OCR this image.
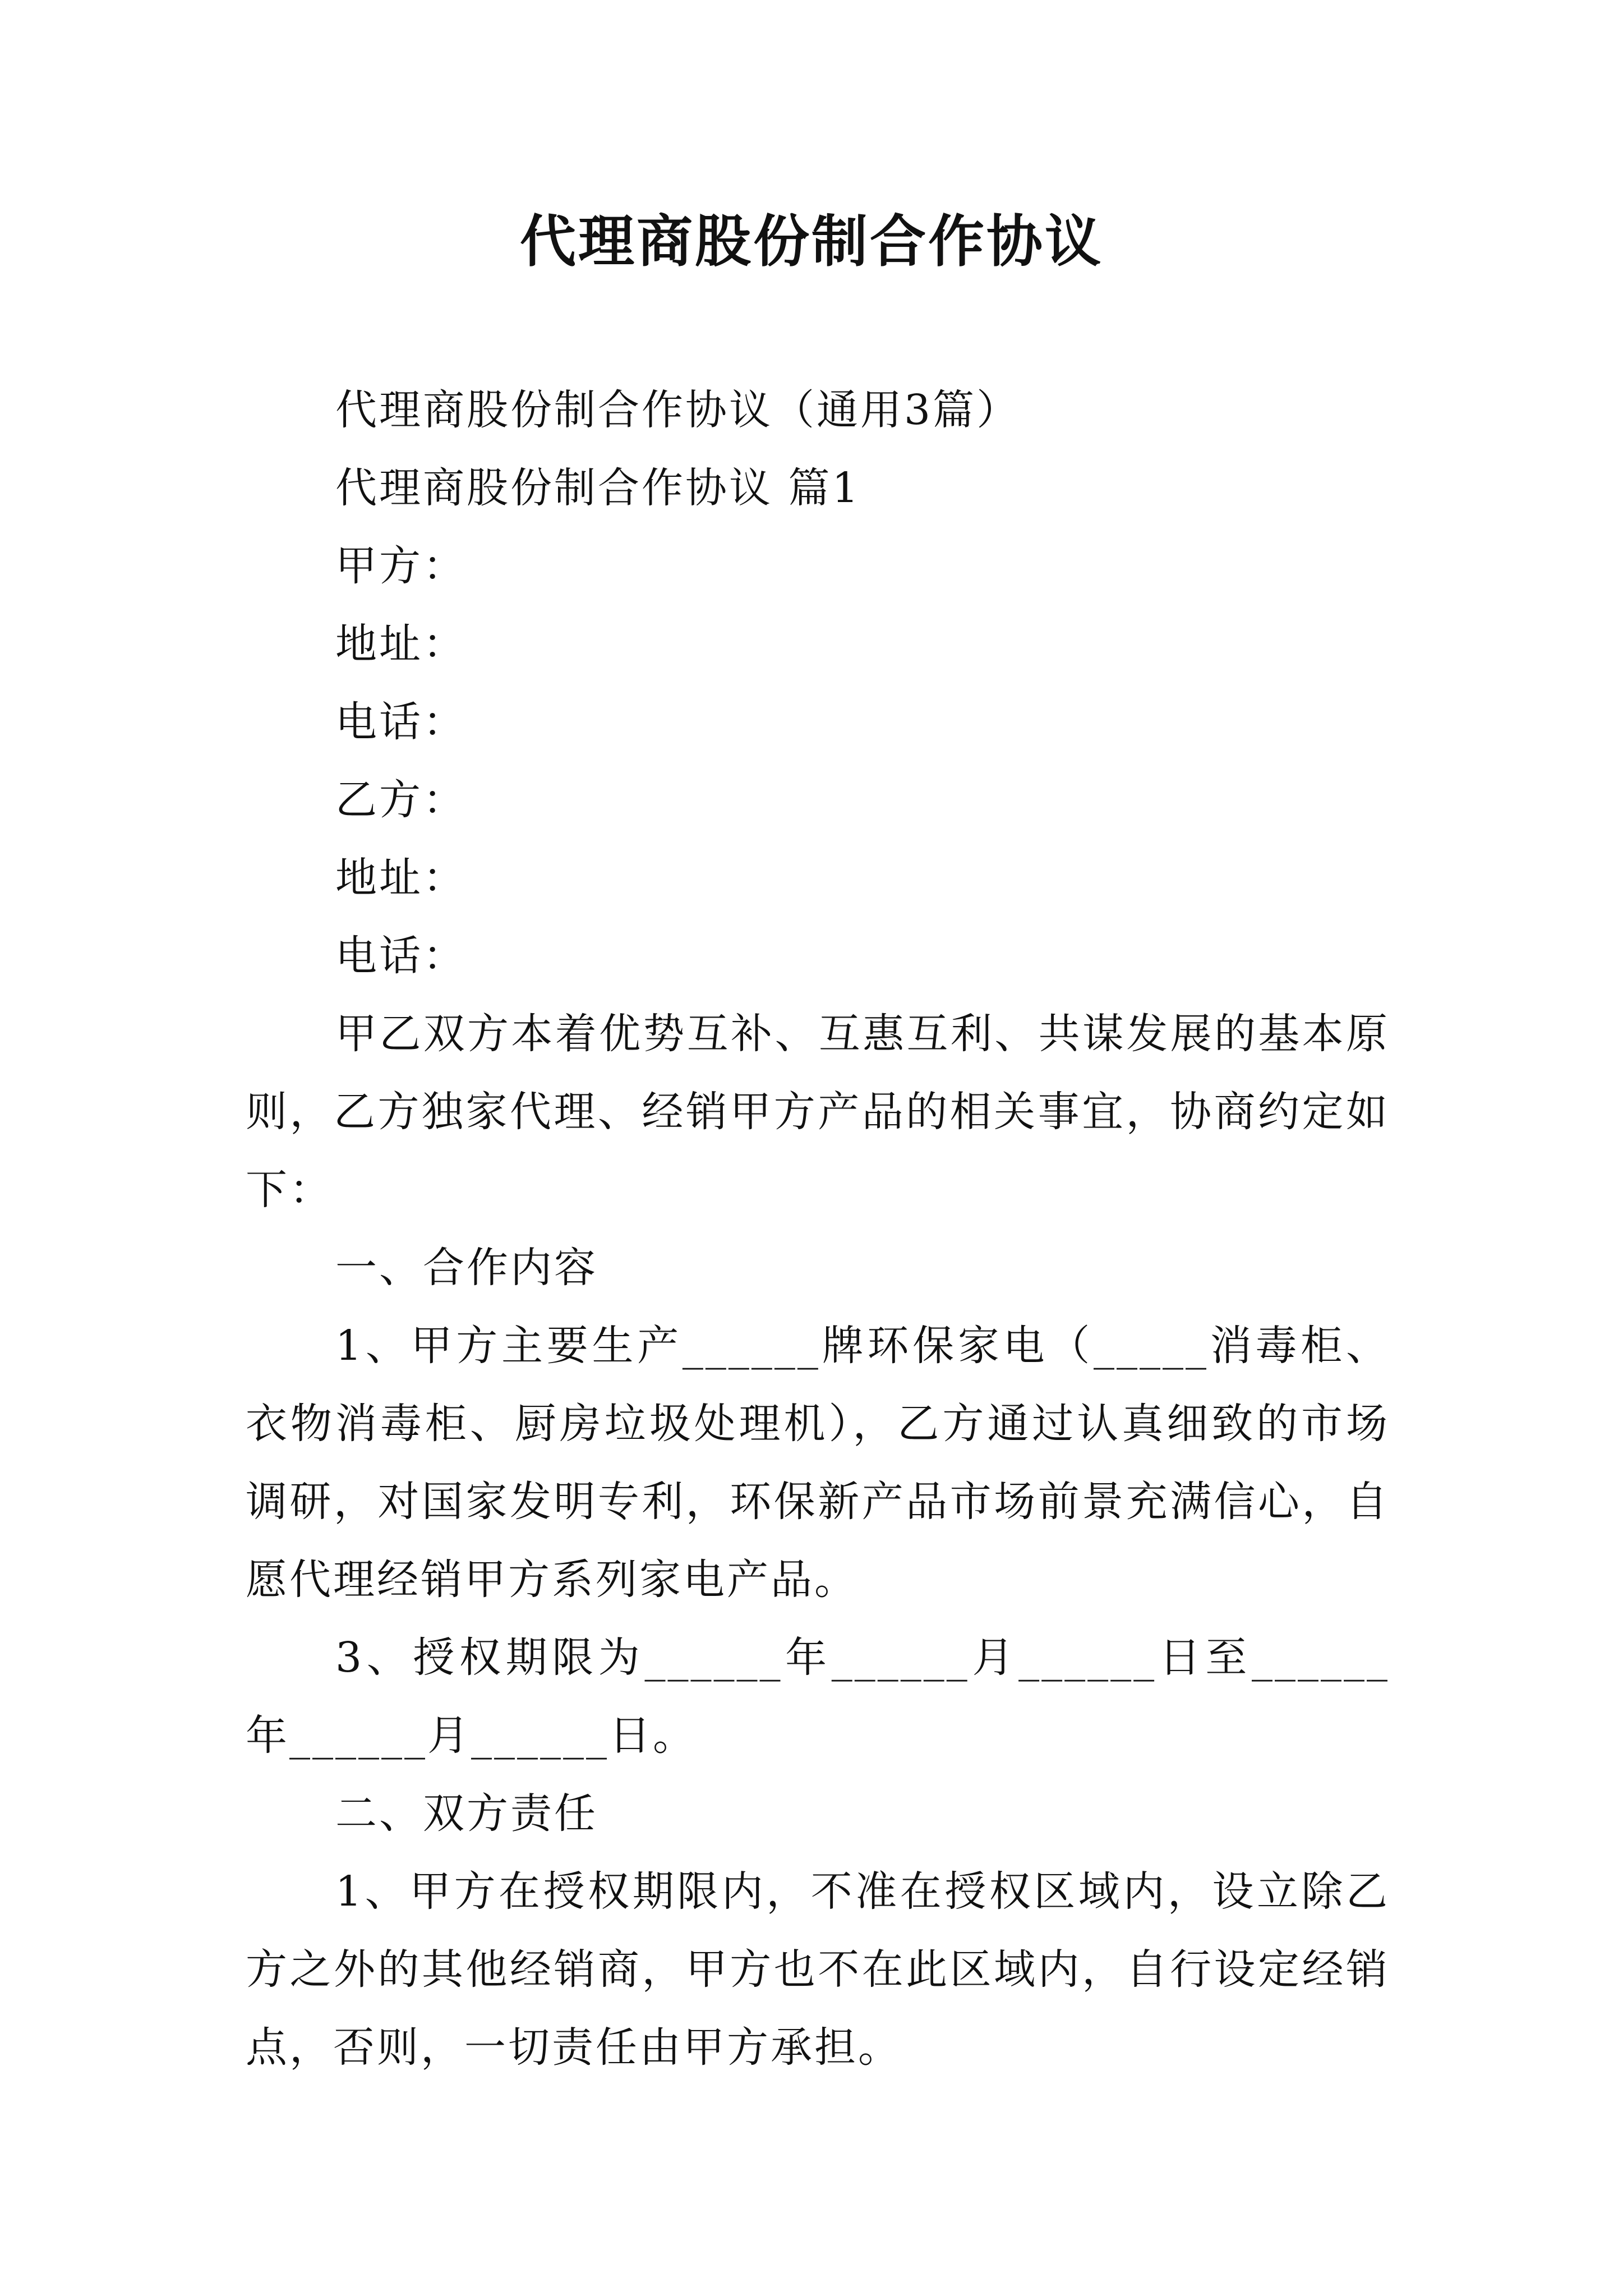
代理商股份制合作协议

代理商股份制合作协议（通用3篇）

代理商股份制合作协议 篇1

甲方：

地址：

电话：

乙方：

地址：

电话：

甲乙双方本着优势互补、互惠互利、共谋发展的基本原则，乙方独家代理、经销甲方产品的相关事宜，协商约定如下：

一、合作内容

1、甲方主要生产______牌环保家电（_____消毒柜、衣物消毒柜、厨房垃圾处理机），乙方通过认真细致的市场调研，对国家发明专利，环保新产品市场前景充满信心，自愿代理经销甲方系列家电产品。

3、授权期限为______年______月______日至______年______月______日。

二、双方责任

1、甲方在授权期限内，不准在授权区域内，设立除乙方之外的其他经销商，甲方也不在此区域内，自行设定经销点，否则，一切责任由甲方承担。
